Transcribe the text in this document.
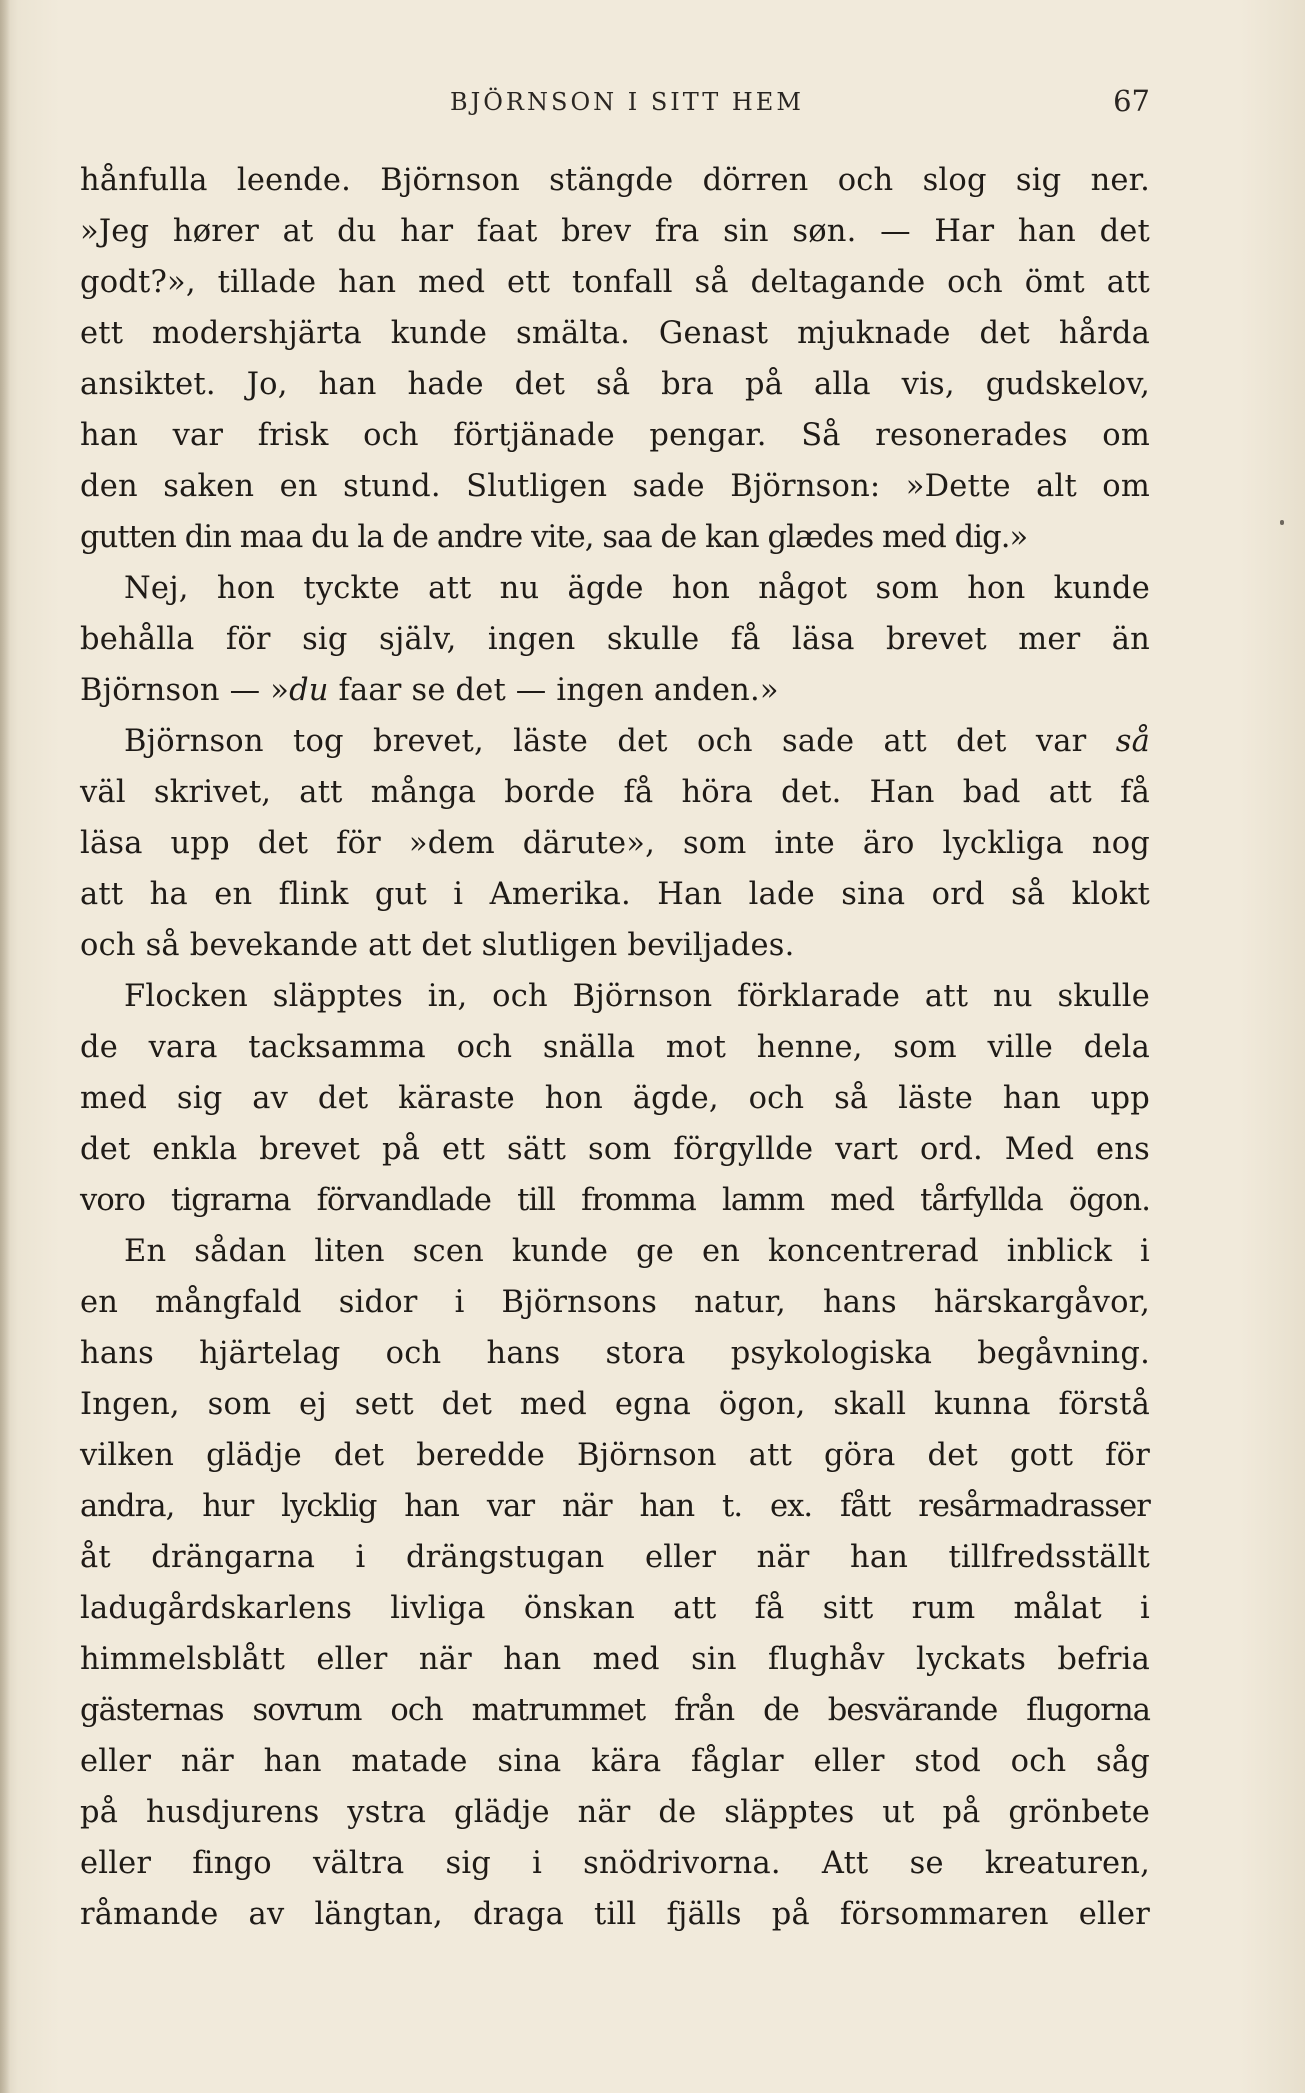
BJÖRNSON I SITT HEM	67
hånfulla leende. Björnson stängde dörren och slog sig ner.
»Jeg hører at du har faat brev fra sin søn. — Har han det
godt?», tillade han med ett tonfall så deltagande och ömt att
ett modershjärta kunde smälta. Genast mjuknade det hårda
ansiktet. Jo, han hade det så bra på alla vis, gudskelov,
han var frisk och förtjänade pengar. Så resonerades om
den saken en stund. Slutligen sade Björnson: »Dette alt om
gutten din maa du la de andre vite, saa de kan glædes med dig.»
Nej, hon tyckte att nu ägde hon något som hon kunde
behålla för sig själv, ingen skulle få läsa brevet mer än
Björnson — »du faar se det — ingen anden.»
Björnson tog brevet, läste det och sade att det var så
väl skrivet, att många borde få höra det. Han bad att få
läsa upp det för »dem därute», som inte äro lyckliga nog
att ha en flink gut i Amerika. Han lade sina ord så klokt
och så bevekande att det slutligen beviljades.
Flocken släpptes in, och Björnson förklarade att nu skulle
de vara tacksamma och snälla mot henne, som ville dela
med sig av det käraste hon ägde, och så läste han upp
det enkla brevet på ett sätt som förgyllde vart ord. Med ens
voro tigrarna förvandlade till fromma lamm med tårfyllda ögon.
En sådan liten scen kunde ge en koncentrerad inblick i
en mångfald sidor i Björnsons natur, hans härskargåvor,
hans hjärtelag och hans stora psykologiska begåvning.
Ingen, som ej sett det med egna ögon, skall kunna förstå
vilken glädje det beredde Björnson att göra det gott för
andra, hur lycklig han var när han t. ex. fått resårmadrasser
åt drängarna i drängstugan eller när han tillfredsställt
ladugårdskarlens livliga önskan att få sitt rum målat i
himmelsblått eller när han med sin flughåv lyckats befria
gästernas sovrum och matrummet från de besvärande flugorna
eller när han matade sina kära fåglar eller stod och såg
på husdjurens ystra glädje när de släpptes ut på grönbete
eller fingo vältra sig i snödrivorna. Att se kreaturen,
råmande av längtan, draga till fjälls på försommaren eller
